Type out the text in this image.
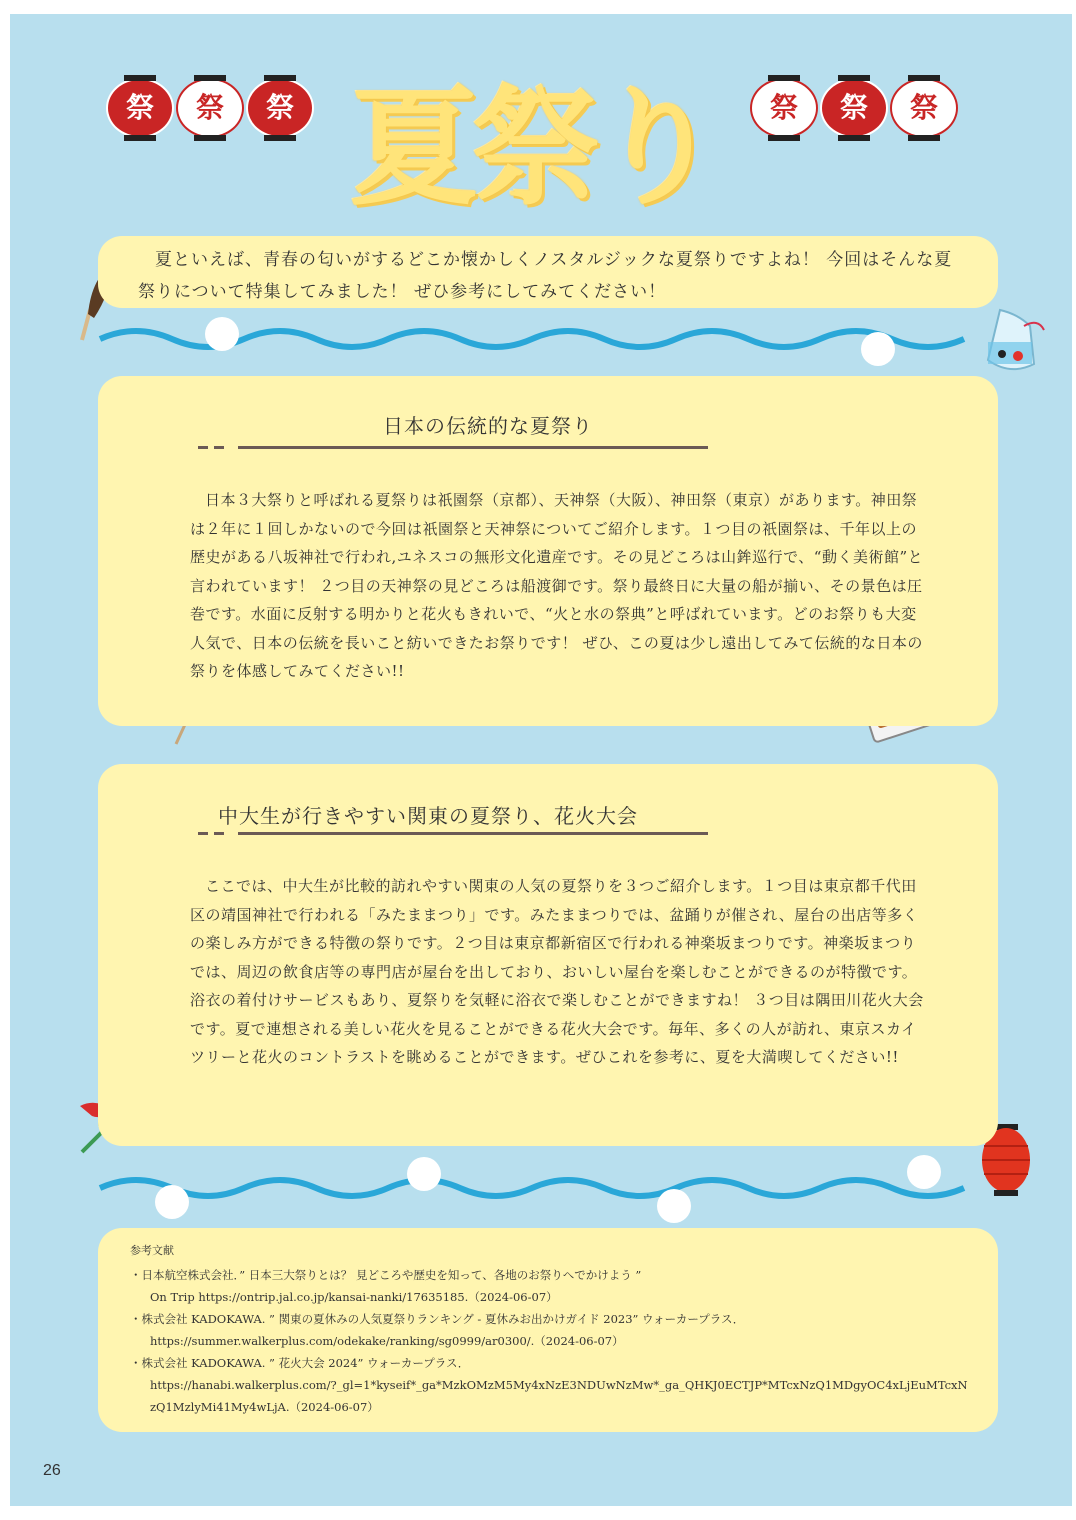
祭 祭 祭	祭 祭 祭
夏祭り

夏といえば、青春の匂いがするどこか懐かしくノスタルジックな夏祭りですよね！ 今回はそんな夏祭りについて特集してみました！ ぜひ参考にしてみてください！

日本の伝統的な夏祭り

日本３大祭りと呼ばれる夏祭りは祇園祭（京都）、天神祭（大阪）、神田祭（東京）があります。神田祭は２年に１回しかないので今回は祇園祭と天神祭についてご紹介します。１つ目の祇園祭は、千年以上の歴史がある八坂神社で行われ,ユネスコの無形文化遺産です。その見どころは山鉾巡行で、“動く美術館”と言われています！ ２つ目の天神祭の見どころは船渡御です。祭り最終日に大量の船が揃い、その景色は圧巻です。水面に反射する明かりと花火もきれいで、“火と水の祭典”と呼ばれています。どのお祭りも大変人気で、日本の伝統を長いこと紡いできたお祭りです！ ぜひ、この夏は少し遠出してみて伝統的な日本の祭りを体感してみてください!!

中大生が行きやすい関東の夏祭り、花火大会

ここでは、中大生が比較的訪れやすい関東の人気の夏祭りを３つご紹介します。１つ目は東京都千代田区の靖国神社で行われる「みたままつり」です。みたままつりでは、盆踊りが催され、屋台の出店等多くの楽しみ方ができる特徴の祭りです。２つ目は東京都新宿区で行われる神楽坂まつりです。神楽坂まつりでは、周辺の飲食店等の専門店が屋台を出しており、おいしい屋台を楽しむことができるのが特徴です。浴衣の着付けサービスもあり、夏祭りを気軽に浴衣で楽しむことができますね！ ３つ目は隅田川花火大会です。夏で連想される美しい花火を見ることができる花火大会です。毎年、多くの人が訪れ、東京スカイツリーと花火のコントラストを眺めることができます。ぜひこれを参考に、夏を大満喫してください!!

参考文献
・日本航空株式会社．” 日本三大祭りとは？ 見どころや歴史を知って、各地のお祭りへでかけよう ”
On Trip https://ontrip.jal.co.jp/kansai-nanki/17635185.（2024-06-07）
・株式会社 KADOKAWA. ” 関東の夏休みの人気夏祭りランキング - 夏休みお出かけガイド 2023” ウォーカープラス．
https://summer.walkerplus.com/odekake/ranking/sg0999/ar0300/.（2024-06-07）
・株式会社 KADOKAWA. ” 花火大会 2024” ウォーカープラス．
https://hanabi.walkerplus.com/?_gl=1*kyseif*_ga*MzkOMzM5My4xNzE3NDUwNzMw*_ga_QHKJ0ECTJP*MTcxNzQ1MDgyOC4xLjEuMTcxNzQ1MzlyMi41My4wLjA.（2024-06-07）
26
